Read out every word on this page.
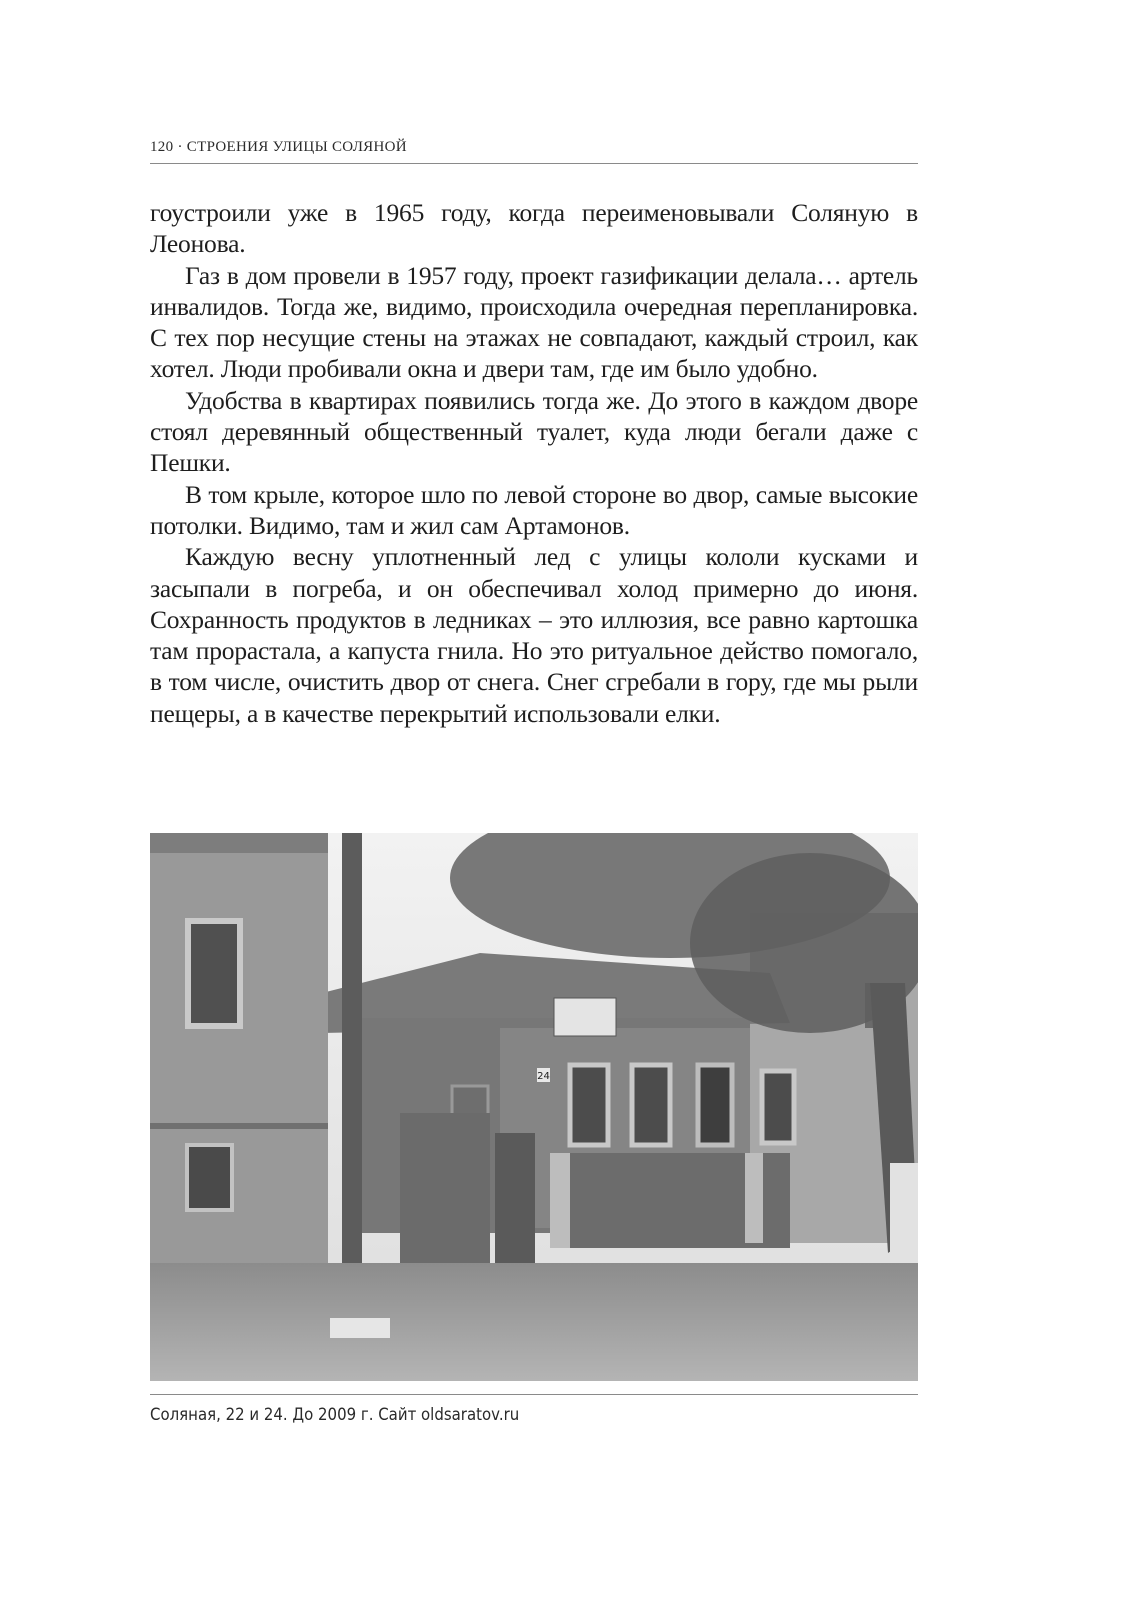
120 · СТРОЕНИЯ УЛИЦЫ СОЛЯНОЙ

гоустроили уже в 1965 году, когда переименовывали Соляную в Леонова.

Газ в дом провели в 1957 году, проект газификации делала… артель инвалидов. Тогда же, видимо, происходила очередная перепланировка. С тех пор несущие стены на этажах не совпадают, каждый строил, как хотел. Люди пробивали окна и двери там, где им было удобно.

Удобства в квартирах появились тогда же. До этого в каждом дворе стоял деревянный общественный туалет, куда люди бегали даже с Пешки.

В том крыле, которое шло по левой стороне во двор, самые высокие потолки. Видимо, там и жил сам Артамонов.

Каждую весну уплотненный лед с улицы кололи кусками и засыпали в погреба, и он обеспечивал холод примерно до июня. Сохранность продуктов в ледниках – это иллюзия, все равно картошка там прорастала, а капуста гнила. Но это ритуальное действо помогало, в том числе, очистить двор от снега. Снег сгребали в гору, где мы рыли пещеры, а в качестве перекрытий использовали елки.

24
Соляная, 22 и 24. До 2009 г. Сайт oldsaratov.ru
